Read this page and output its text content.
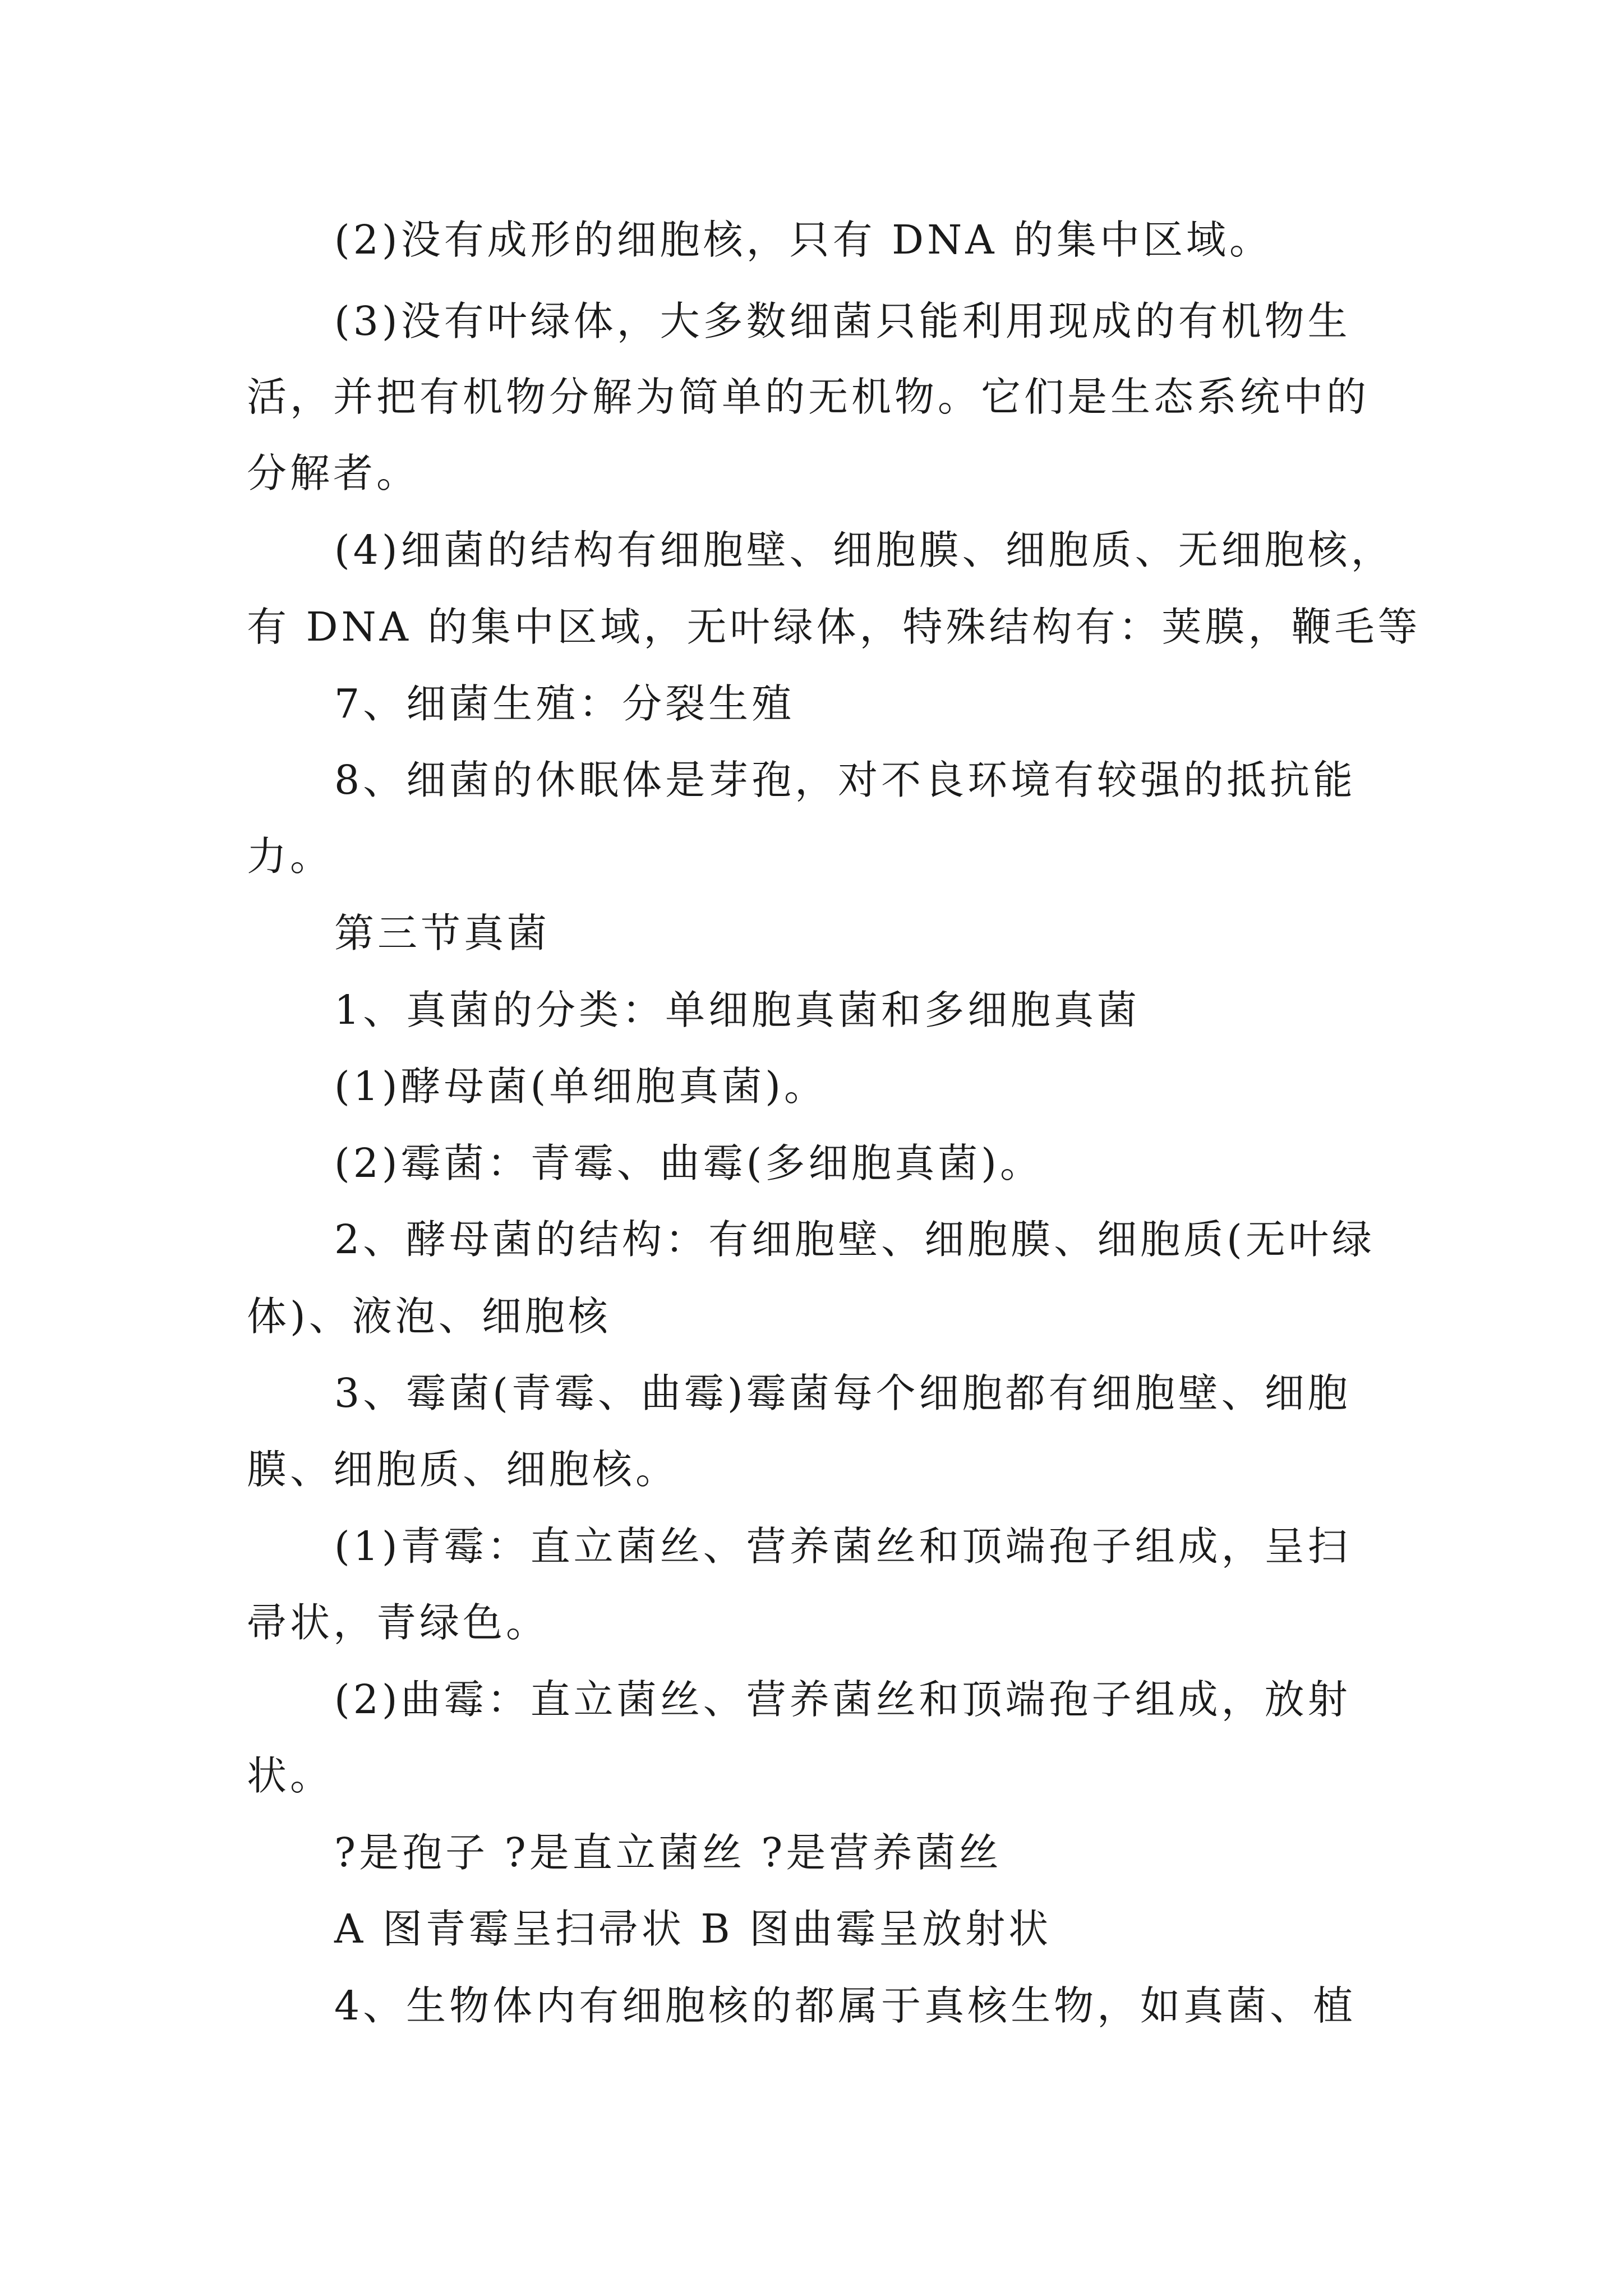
(2)没有成形的细胞核，只有 DNA 的集中区域。
(3)没有叶绿体，大多数细菌只能利用现成的有机物生
活，并把有机物分解为简单的无机物。它们是生态系统中的
分解者。
(4)细菌的结构有细胞壁、细胞膜、细胞质、无细胞核，
有 DNA 的集中区域，无叶绿体，特殊结构有：荚膜，鞭毛等
7、细菌生殖：分裂生殖
8、细菌的休眠体是芽孢，对不良环境有较强的抵抗能
力。
第三节真菌
1、真菌的分类：单细胞真菌和多细胞真菌
(1)酵母菌(单细胞真菌)。
(2)霉菌：青霉、曲霉(多细胞真菌)。
2、酵母菌的结构：有细胞壁、细胞膜、细胞质(无叶绿
体)、液泡、细胞核
3、霉菌(青霉、曲霉)霉菌每个细胞都有细胞壁、细胞
膜、细胞质、细胞核。
(1)青霉：直立菌丝、营养菌丝和顶端孢子组成，呈扫
帚状，青绿色。
(2)曲霉：直立菌丝、营养菌丝和顶端孢子组成，放射
状。
?是孢子 ?是直立菌丝 ?是营养菌丝
A 图青霉呈扫帚状 B 图曲霉呈放射状
4、生物体内有细胞核的都属于真核生物，如真菌、植
